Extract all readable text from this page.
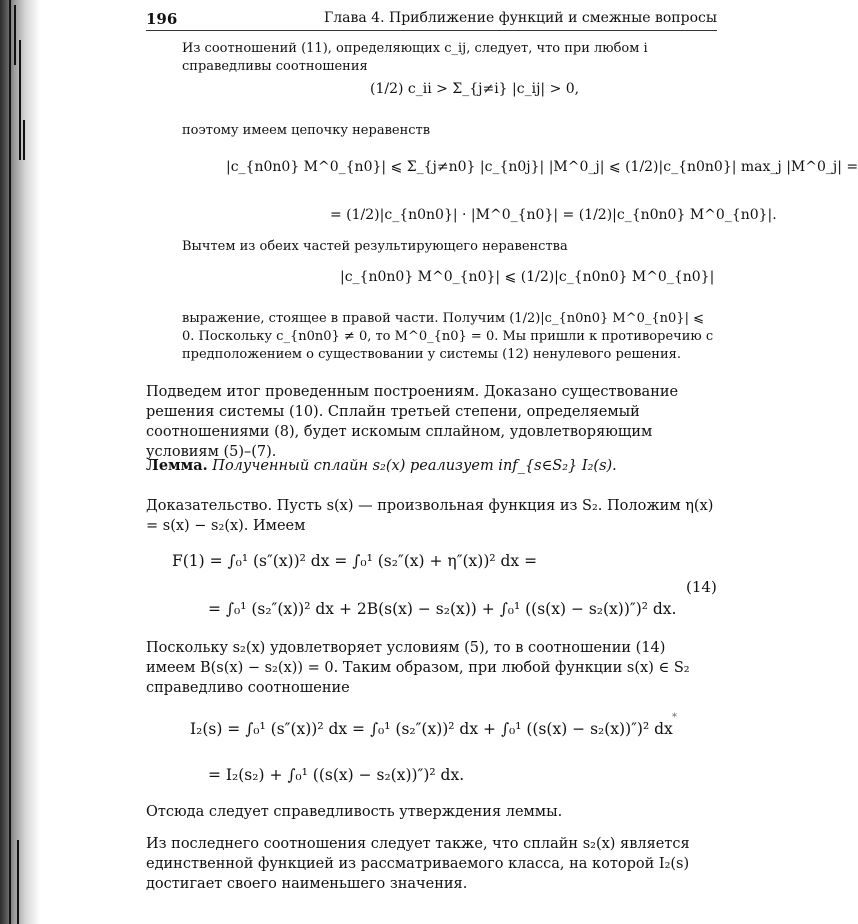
196	Глава 4. Приближение функций и смежные вопросы
Из соотношений (11), определяющих c_ij, следует, что при любом i справедливы соотношения
(1/2) c_ii > Σ_{j≠i} |c_ij| > 0,
поэтому имеем цепочку неравенств
|c_{n0n0} M^0_{n0}| ⩽ Σ_{j≠n0} |c_{n0j}| |M^0_j| ⩽ (1/2)|c_{n0n0}| max_j |M^0_j| =
= (1/2)|c_{n0n0}| · |M^0_{n0}| = (1/2)|c_{n0n0} M^0_{n0}|.
Вычтем из обеих частей результирующего неравенства
|c_{n0n0} M^0_{n0}| ⩽ (1/2)|c_{n0n0} M^0_{n0}|
выражение, стоящее в правой части. Получим (1/2)|c_{n0n0} M^0_{n0}| ⩽ 0. Поскольку c_{n0n0} ≠ 0, то M^0_{n0} = 0. Мы пришли к противоречию с предположением о существовании у системы (12) ненулевого решения.
Подведем итог проведенным построениям. Доказано существование решения системы (10). Сплайн третьей степени, определяемый соотношениями (8), будет искомым сплайном, удовлетворяющим условиям (5)–(7).
Лемма. Полученный сплайн s₂(x) реализует inf_{s∈S₂} I₂(s).
Доказательство. Пусть s(x) — произвольная функция из S₂. Положим η(x) = s(x) − s₂(x). Имеем
F(1) = ∫₀¹ (s″(x))² dx = ∫₀¹ (s₂″(x) + η″(x))² dx =
= ∫₀¹ (s₂″(x))² dx + 2B(s(x) − s₂(x)) + ∫₀¹ ((s(x) − s₂(x))″)² dx.
(14)
Поскольку s₂(x) удовлетворяет условиям (5), то в соотношении (14) имеем B(s(x) − s₂(x)) = 0. Таким образом, при любой функции s(x) ∈ S₂ справедливо соотношение
I₂(s) = ∫₀¹ (s″(x))² dx = ∫₀¹ (s₂″(x))² dx + ∫₀¹ ((s(x) − s₂(x))″)² dx
= I₂(s₂) + ∫₀¹ ((s(x) − s₂(x))″)² dx.
*
Отсюда следует справедливость утверждения леммы.
Из последнего соотношения следует также, что сплайн s₂(x) является единственной функцией из рассматриваемого класса, на которой I₂(s) достигает своего наименьшего значения.
